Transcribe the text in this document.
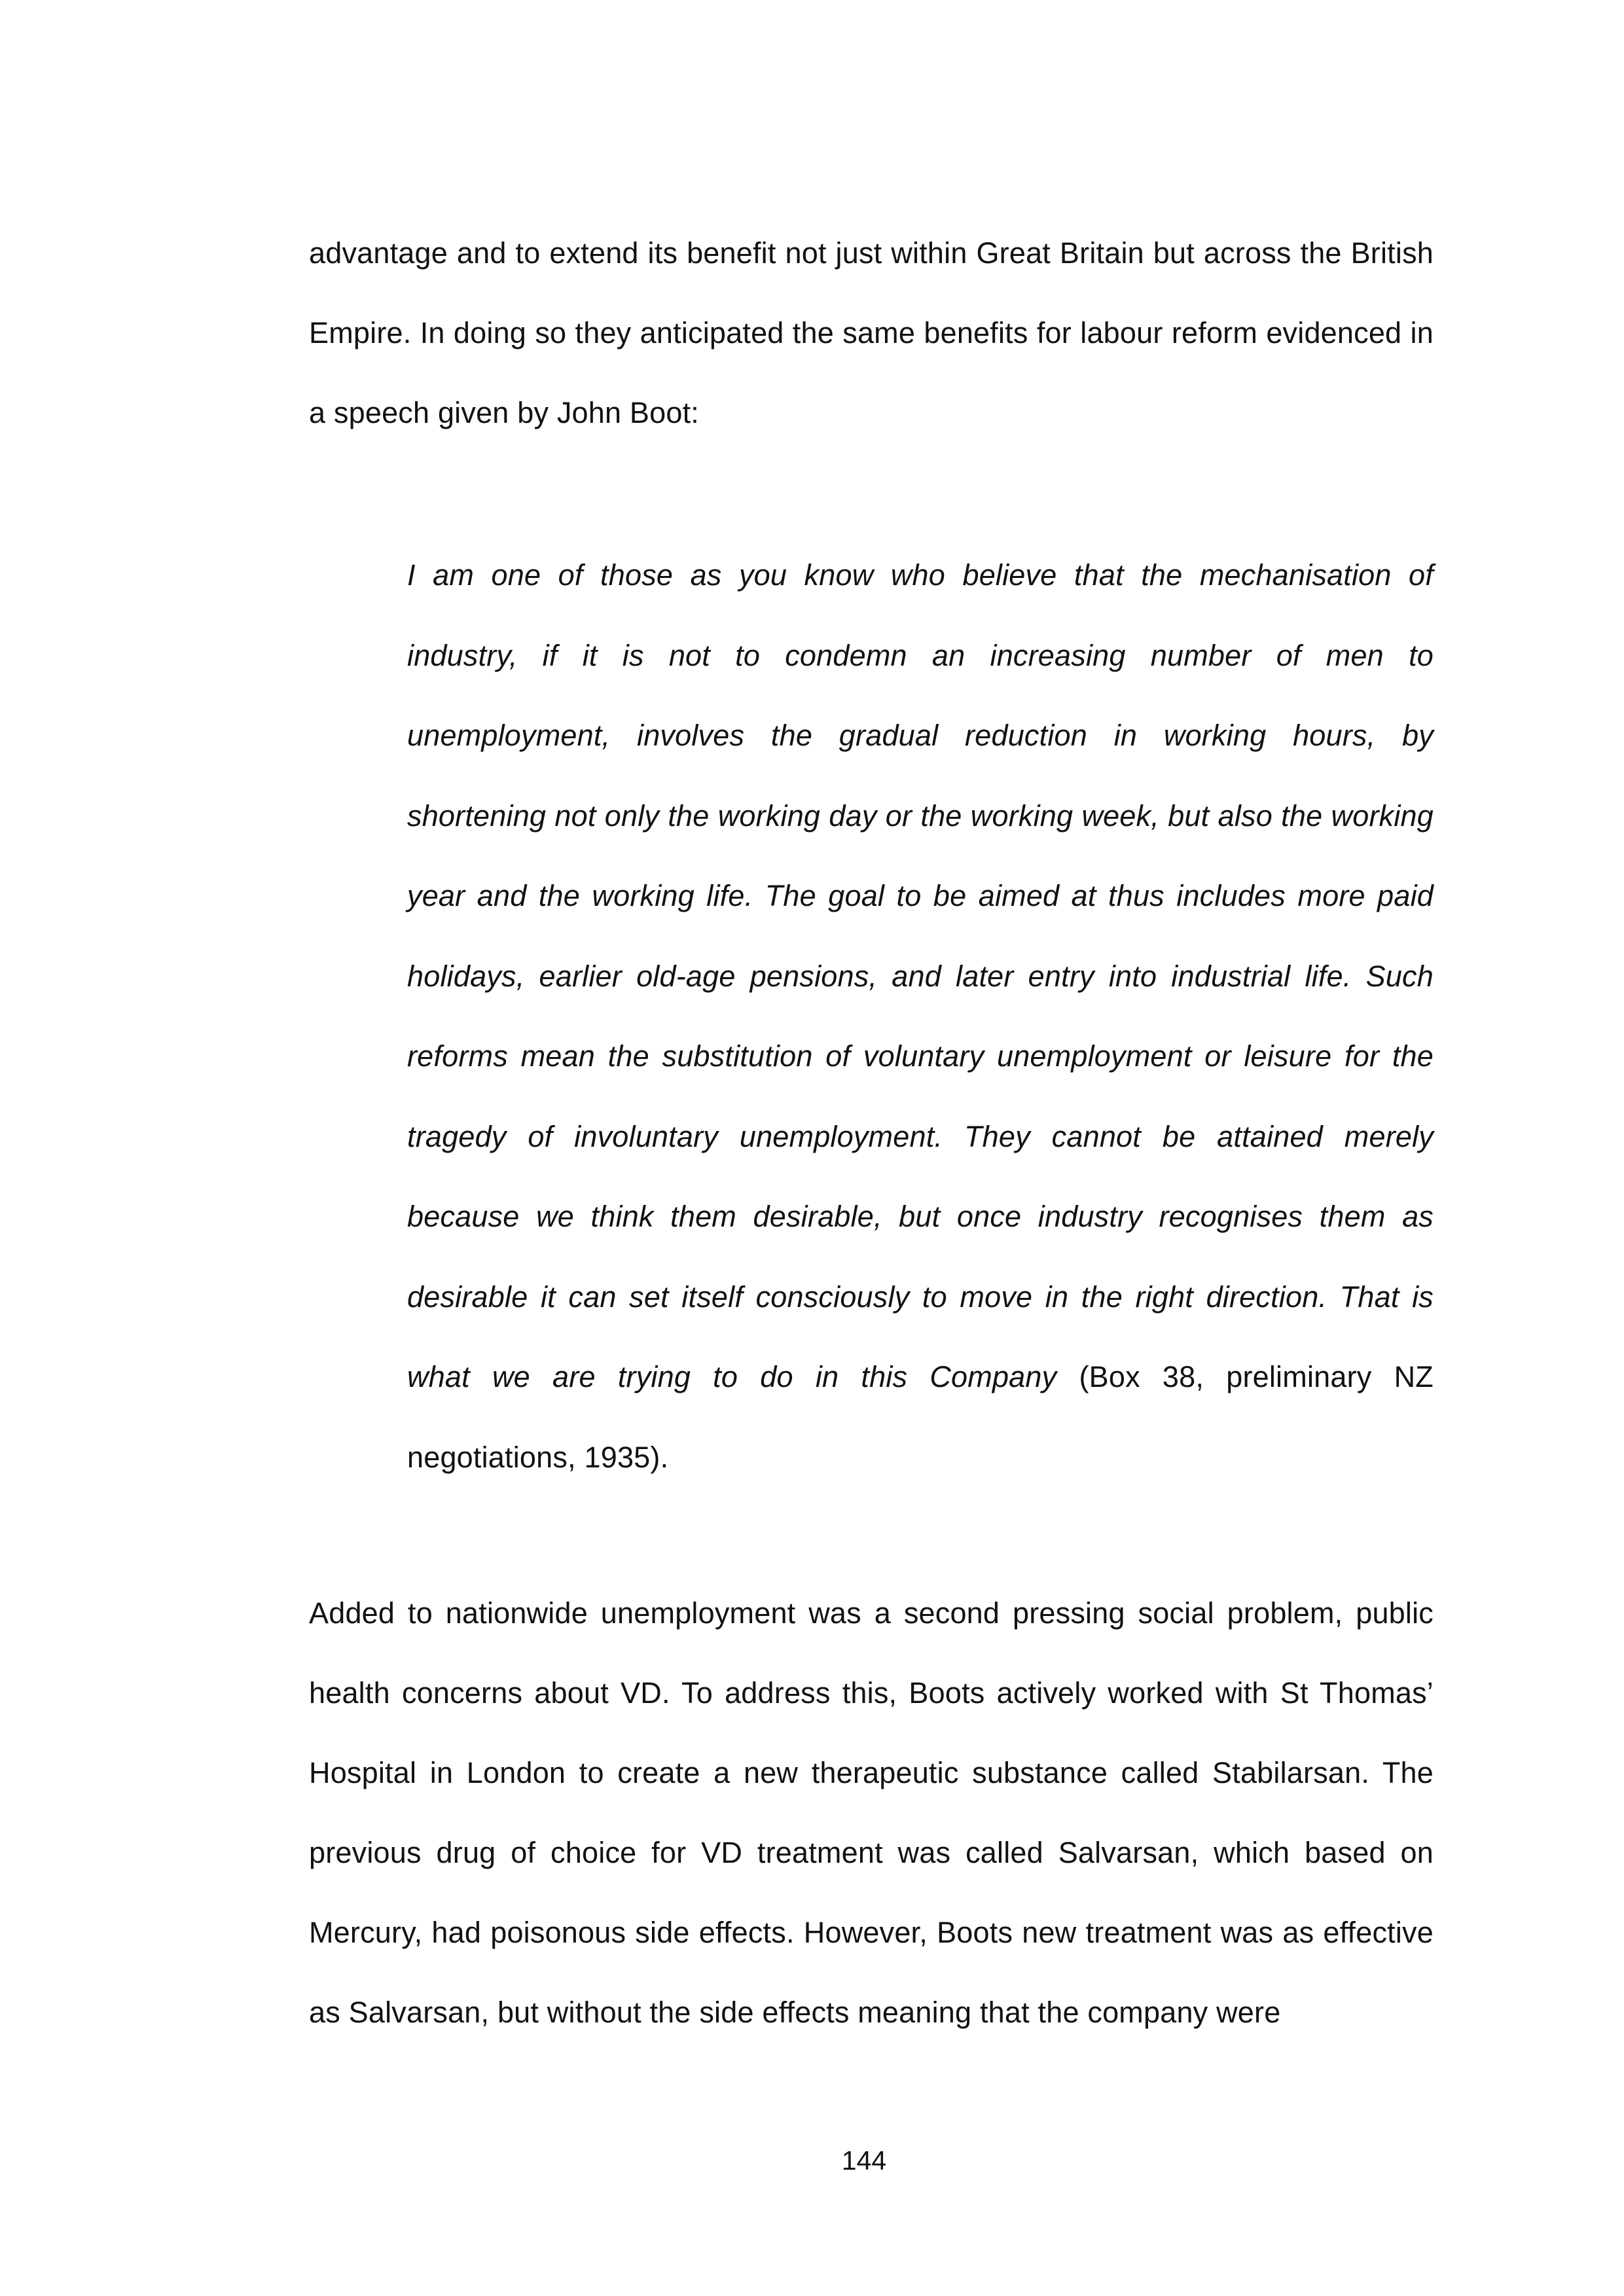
advantage and to extend its benefit not just within Great Britain but across the British Empire. In doing so they anticipated the same benefits for labour reform evidenced in a speech given by John Boot:

I am one of those as you know who believe that the mechanisation of industry, if it is not to condemn an increasing number of men to unemployment, involves the gradual reduction in working hours, by shortening not only the working day or the working week, but also the working year and the working life. The goal to be aimed at thus includes more paid holidays, earlier old-age pensions, and later entry into industrial life. Such reforms mean the substitution of voluntary unemployment or leisure for the tragedy of involuntary unemployment. They cannot be attained merely because we think them desirable, but once industry recognises them as desirable it can set itself consciously to move in the right direction. That is what we are trying to do in this Company (Box 38, preliminary NZ negotiations, 1935).

Added to nationwide unemployment was a second pressing social problem, public health concerns about VD. To address this, Boots actively worked with St Thomas’ Hospital in London to create a new therapeutic substance called Stabilarsan. The previous drug of choice for VD treatment was called Salvarsan, which based on Mercury, had poisonous side effects. However, Boots new treatment was as effective as Salvarsan, but without the side effects meaning that the company were

144
